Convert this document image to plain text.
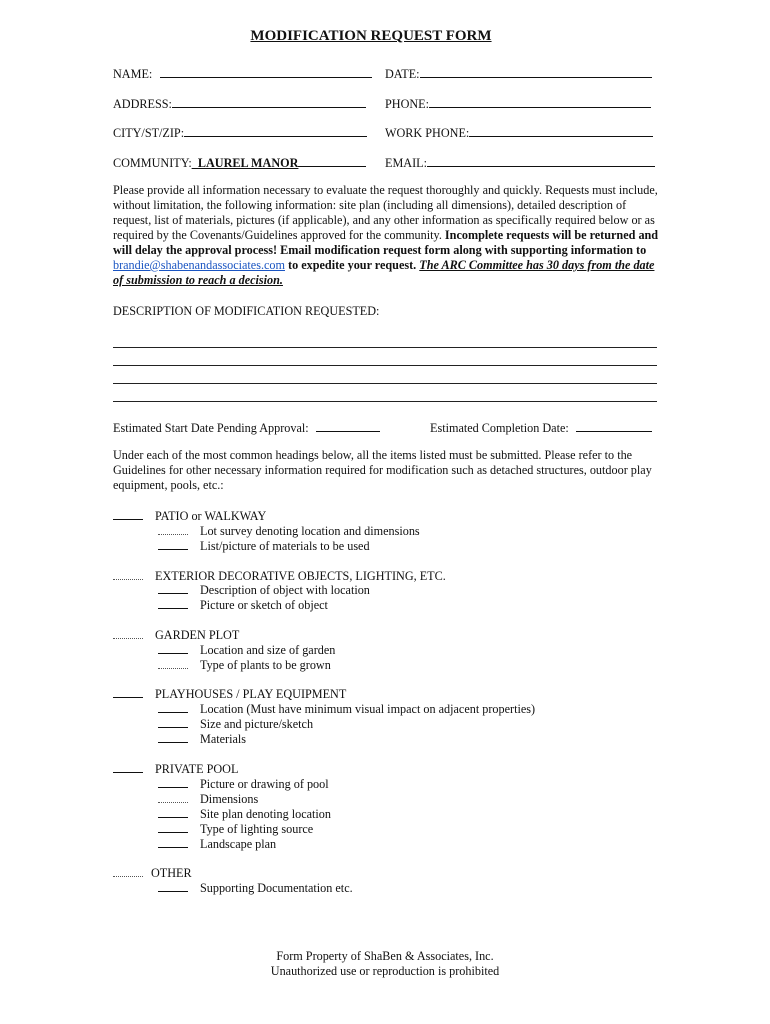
MODIFICATION REQUEST FORM
NAME:	DATE:
ADDRESS:	PHONE:
CITY/ST/ZIP:	WORK PHONE:
COMMUNITY:_LAUREL MANOR	EMAIL:
Please provide all information necessary to evaluate the request thoroughly and quickly. Requests must include, without limitation, the following information: site plan (including all dimensions), detailed description of request, list of materials, pictures (if applicable), and any other information as specifically required below or as required by the Covenants/Guidelines approved for the community. Incomplete requests will be returned and will delay the approval process! Email modification request form along with supporting information to brandie@shabenandassociates.com to expedite your request. The ARC Committee has 30 days from the date of submission to reach a decision.
DESCRIPTION OF MODIFICATION REQUESTED:
Estimated Start Date Pending Approval:	Estimated Completion Date:
Under each of the most common headings below, all the items listed must be submitted. Please refer to the Guidelines for other necessary information required for modification such as detached structures, outdoor play equipment, pools, etc.:
PATIO or WALKWAY
Lot survey denoting location and dimensions
List/picture of materials to be used
EXTERIOR DECORATIVE OBJECTS, LIGHTING, ETC.
Description of object with location
Picture or sketch of object
GARDEN PLOT
Location and size of garden
Type of plants to be grown
PLAYHOUSES / PLAY EQUIPMENT
Location (Must have minimum visual impact on adjacent properties)
Size and picture/sketch
Materials
PRIVATE POOL
Picture or drawing of pool
Dimensions
Site plan denoting location
Type of lighting source
Landscape plan
OTHER
Supporting Documentation etc.
Form Property of ShaBen & Associates, Inc.
Unauthorized use or reproduction is prohibited
